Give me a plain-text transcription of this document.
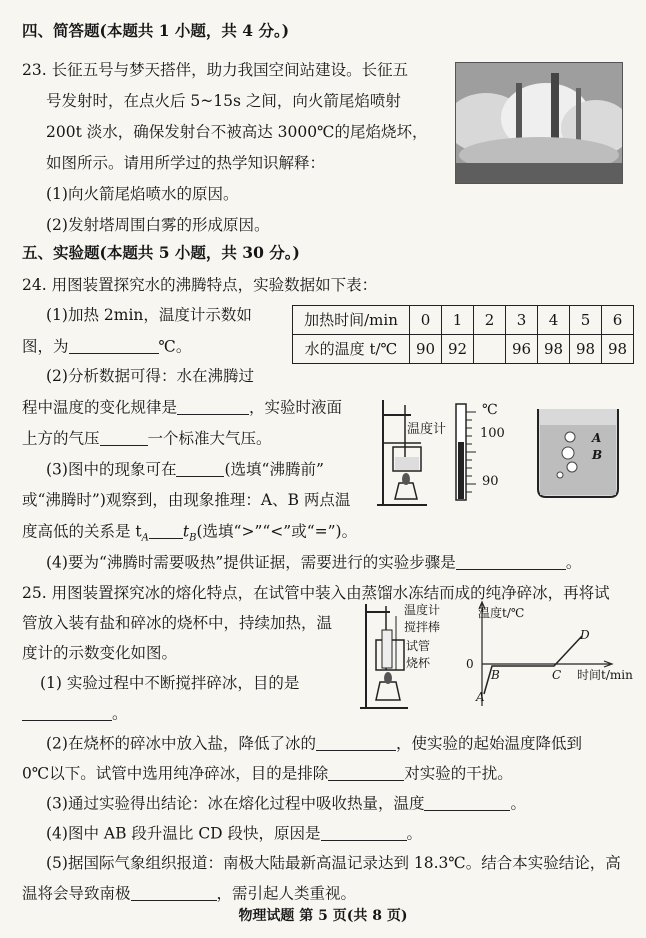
四、简答题(本题共 1 小题，共 4 分。)
23. 长征五号与梦天搭伴，助力我国空间站建设。长征五
号发射时，在点火后 5~15s 之间，向火箭尾焰喷射
200t 淡水，确保发射台不被高达 3000℃的尾焰烧坏，
如图所示。请用所学过的热学知识解释：
(1)向火箭尾焰喷水的原因。
(2)发射塔周围白雾的形成原因。
五、实验题(本题共 5 小题，共 30 分。)
24. 用图装置探究水的沸腾特点，实验数据如下表：
(1)加热 2min，温度计示数如
图，为	℃。
加热时间/min	0	1	2	3	4	5	6
水的温度 t/℃	90	92		96	98	98	98
(2)分析数据可得：水在沸腾过
程中温度的变化规律是	，实验时液面
上方的气压	一个标准大气压。
(3)图中的现象可在	(选填“沸腾前”
或“沸腾时”)观察到，由现象推理：A、B 两点温
度高低的关系是 $t_A$ $t_B$(选填“>”“<”或“=”)。
(4)要为“沸腾时需要吸热”提供证据，需要进行的实验步骤是	。
温度计
℃
100
90
A
B
25. 用图装置探究冰的熔化特点，在试管中装入由蒸馏水冻结而成的纯净碎冰，再将试
管放入装有盐和碎冰的烧杯中，持续加热，温
度计的示数变化如图。
(1) 实验过程中不断搅拌碎冰，目的是
。
温度计
搅拌棒
试管
烧杯
温度t/℃
时间t/min
0
A
B	C
D
(2)在烧杯的碎冰中放入盐，降低了冰的	，使实验的起始温度降低到
0℃以下。试管中选用纯净碎冰，目的是排除	对实验的干扰。
(3)通过实验得出结论：冰在熔化过程中吸收热量，温度	。
(4)图中 AB 段升温比 CD 段快，原因是	。
(5)据国际气象组织报道：南极大陆最新高温记录达到 18.3℃。结合本实验结论，高
温将会导致南极	，需引起人类重视。
物理试题 第 5 页(共 8 页)
